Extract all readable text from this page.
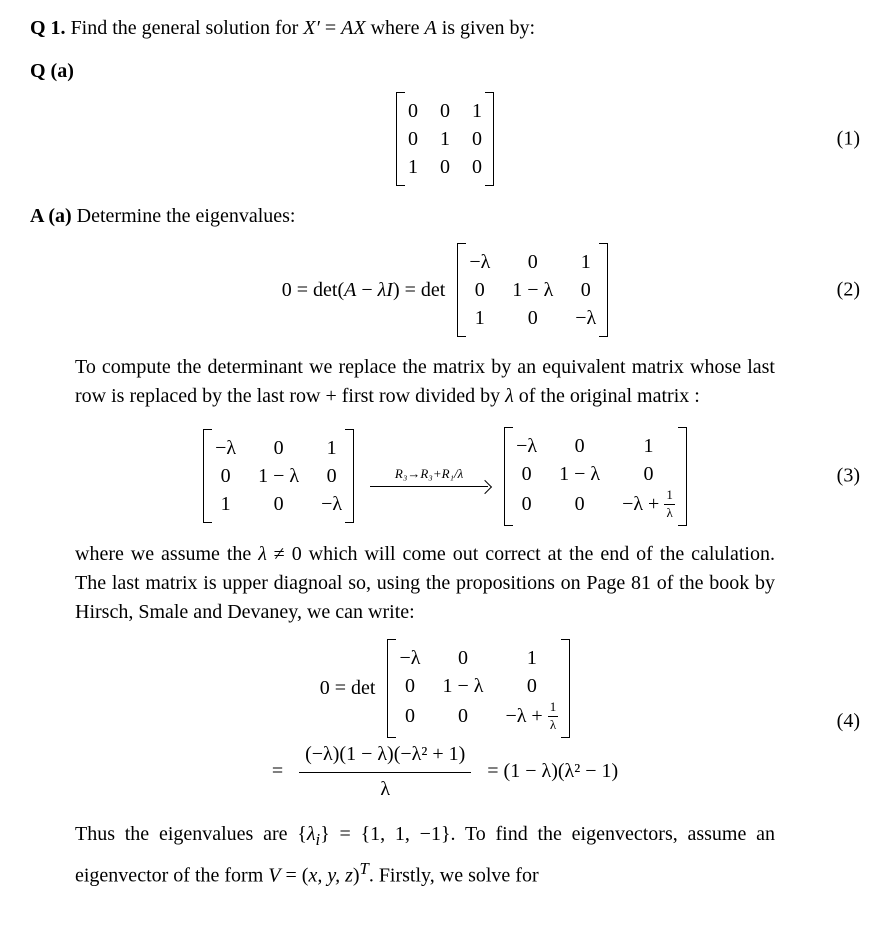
Q 1. Find the general solution for X′ = AX where A is given by:

Q (a)

0 0 1
0 1 0
1 0 0
(1)

A (a) Determine the eigenvalues:

0 = det(A − λI) = det
−λ 0 1
0 1 − λ 0
1 0 −λ
(2)

To compute the determinant we replace the matrix by an equivalent matrix whose last row is replaced by the last row + first row divided by λ of the original matrix :

−λ 0 1
0 1 − λ 0
1 0 −λ
R₃→R₃+R₁/λ
−λ 0	1
0 1 − λ 0
0 $0 -\lambda + \frac{1}{\lambda}$
(3)

where we assume the λ ≠ 0 which will come out correct at the end of the calulation. The last matrix is upper diagnoal so, using the propositions on Page 81 of the book by Hirsch, Smale and Devaney, we can write:

0 = det
−λ 0	1
0 1 − λ 0
0 $0 -\lambda + \frac{1}{\lambda}$	(4)
= $\frac{\text{(−λ)(1 − λ)(−λ² + 1)}}{\lambda} = (1 - \lambda)(\lambda^2 - 1)$

Thus the eigenvalues are $\{\lambda_i\} = \{1$, 1, −1}. To find the eigenvectors, assume an eigenvector of the form V = (x, y, z)$^T$. Firstly, we solve for
